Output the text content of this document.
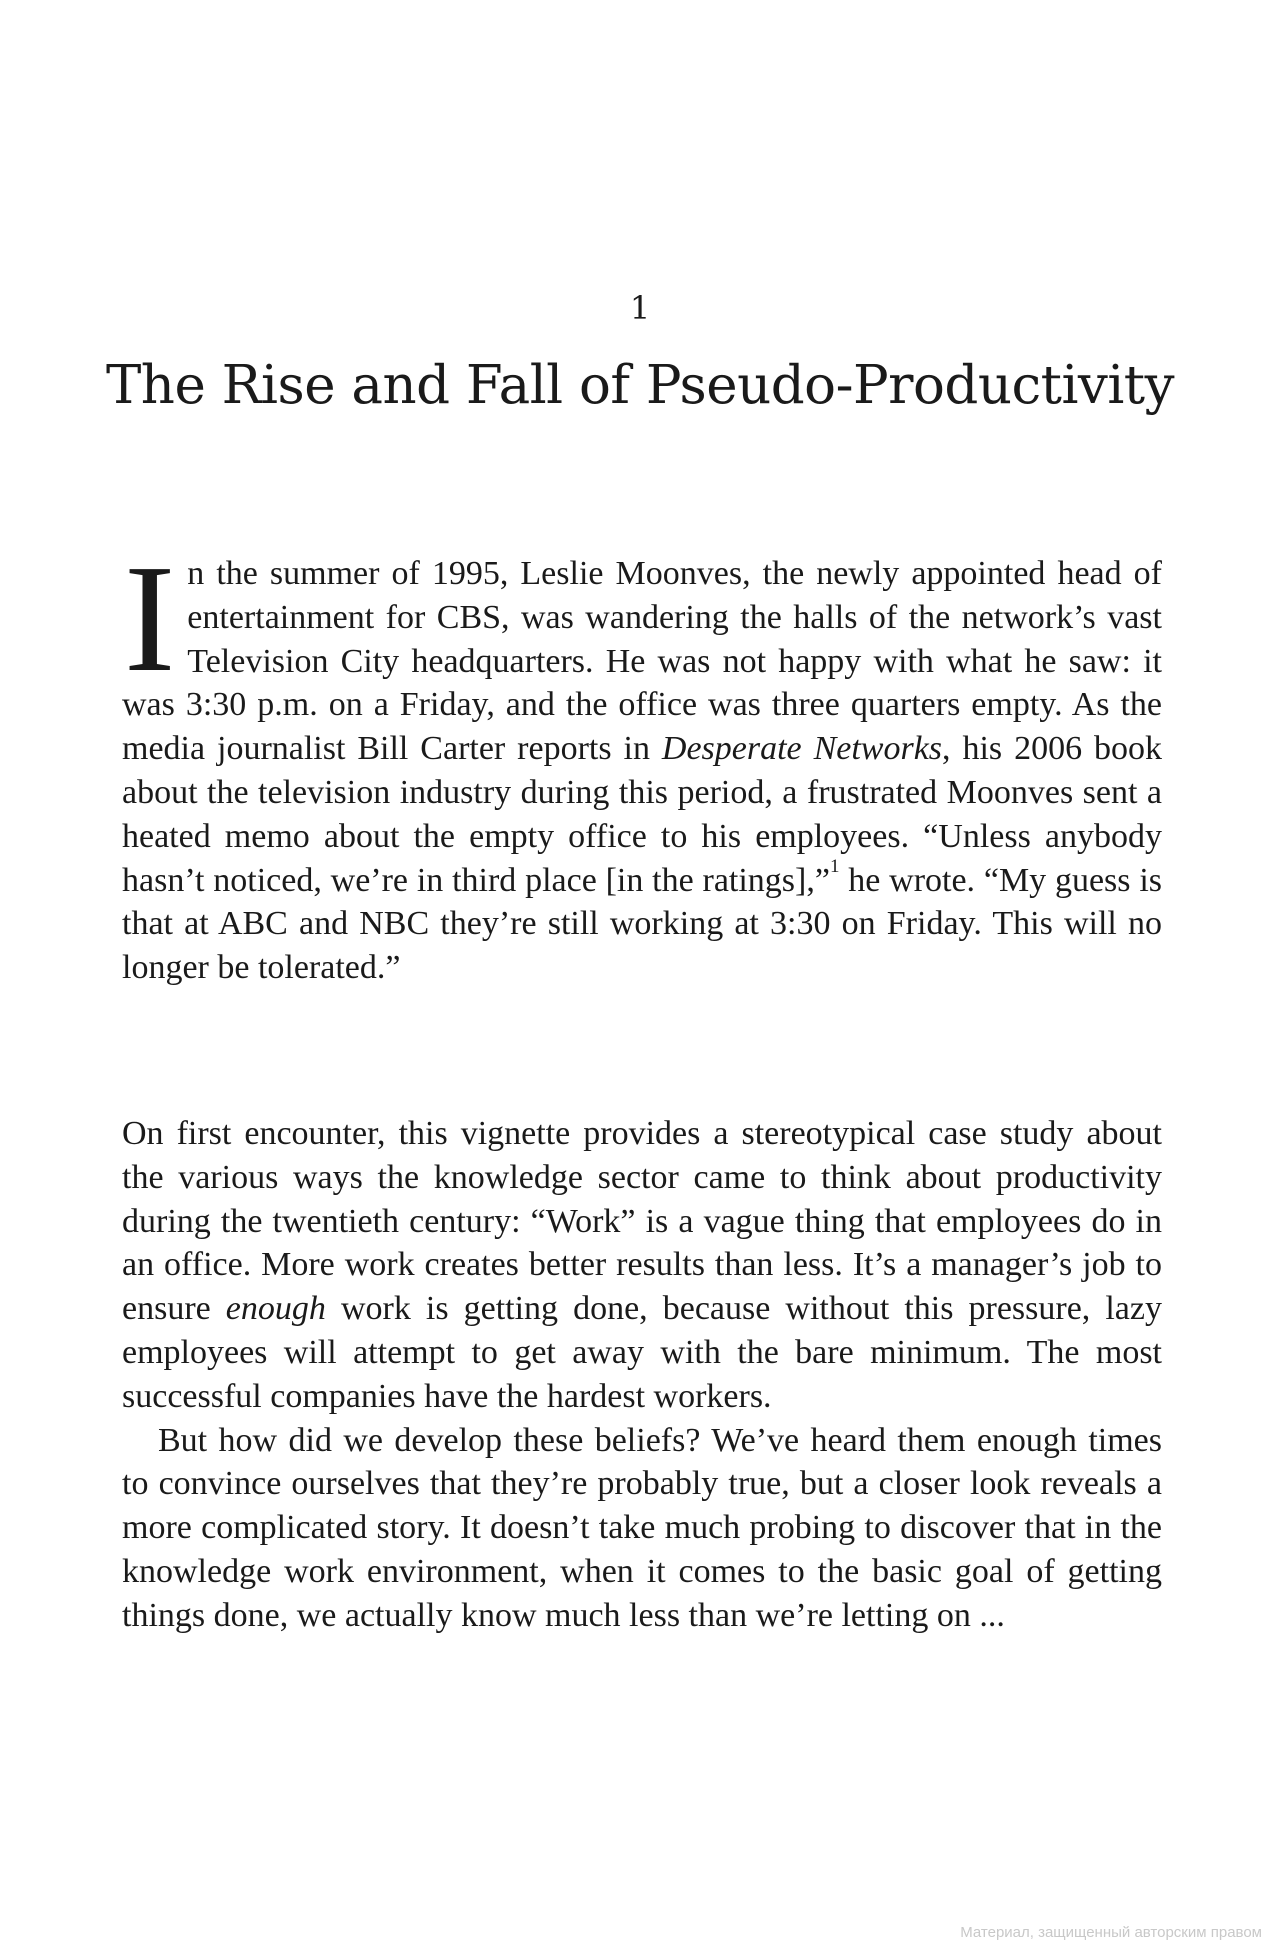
1
The Rise and Fall of Pseudo-Productivity
In the summer of 1995, Leslie Moonves, the newly appointed head of entertainment for CBS, was wandering the halls of the network’s vast Television City headquarters. He was not happy with what he saw: it was 3:30 p.m. on a Friday, and the office was three quarters empty. As the media journalist Bill Carter reports in Desperate Networks, his 2006 book about the television industry during this period, a frustrated Moonves sent a heated memo about the empty office to his employees. “Unless anybody hasn’t noticed, we’re in third place [in the ratings],”$^1$ he wrote. “My guess is that at ABC and NBC they’re still working at 3:30 on Friday. This will no longer be tolerated.”

On first encounter, this vignette provides a stereotypical case study about the various ways the knowledge sector came to think about productivity during the twentieth century: “Work” is a vague thing that employees do in an office. More work creates better results than less. It’s a manager’s job to ensure enough work is getting done, because without this pressure, lazy employees will attempt to get away with the bare minimum. The most successful companies have the hardest workers.

But how did we develop these beliefs? We’ve heard them enough times to convince ourselves that they’re probably true, but a closer look reveals a more complicated story. It doesn’t take much probing to discover that in the knowledge work environment, when it comes to the basic goal of getting things done, we actually know much less than we’re letting on ...

Материал, защищенный авторским правом
